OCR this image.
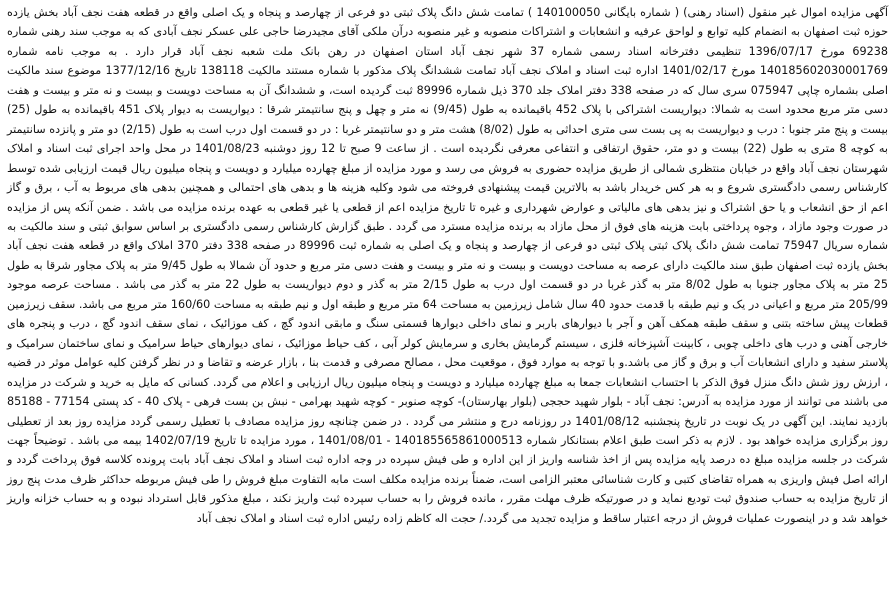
آگهی مزایده اموال غیر منقول (اسناد رهنی) ( شماره بایگانی 140100050 ) تمامت شش دانگ پلاک ثبتی دو فرعی از چهارصد و پنجاه و یک اصلی واقع در قطعه هفت نجف آباد بخش یازده حوزه ثبت اصفهان به انضمام کلیه توابع و لواحق عرفیه و انشعابات و اشتراکات منصوبه و غیر منصوبه درآن ملکی آقای مجیدرضا حاجی علی عسکر نجف آبادی که به موجب سند رهنی شماره 69238 مورخ 1396/07/17 تنظیمی دفترخانه اسناد رسمی شماره 37 شهر نجف آباد استان اصفهان در رهن بانک ملت شعبه نجف آباد قرار دارد . به موجب نامه شماره 140185602030001769 مورخ 1401/02/17 اداره ثبت اسناد و املاک نجف آباد تمامت ششدانگ پلاک مذکور با شماره مستند مالکیت 138118 تاریخ 1377/12/16 موضوع سند مالکیت اصلی بشماره چاپی 075947 سری سال که در صفحه 338 دفتر املاک جلد 370 ذیل شماره 89996 ثبت گردیده است، و ششدانگ آن به مساحت دویست و بیست و نه متر و بیست و هفت دسی متر مربع محدود است به شمالا: دیواریست اشتراکی با پلاک 452 باقیمانده به طول (9/45) نه متر و چهل و پنج سانتیمتر شرقا : دیواریست به دیوار پلاک 451 باقیمانده به طول (25) بیست و پنج متر جنوبا : درب و دیواریست به پی بست سی متری احداثی به طول (8/02) هشت متر و دو سانتیمتر غربا : در دو قسمت اول درب است به طول (2/15) دو متر و پانزده سانتیمتر به کوچه 8 متری به طول (22) بیست و دو متر، حقوق ارتفاقی و انتفاعی معرفی نگردیده است . از ساعت 9 صبح تا 12 روز دوشنبه 1401/08/23 در محل واحد اجرای ثبت اسناد و املاک شهرستان نجف آباد واقع در خیابان منتظری شمالی از طریق مزایده حضوری به فروش می رسد و مورد مزایده از مبلغ چهارده میلیارد و دویست و پنجاه میلیون ریال قیمت ارزیابی شده توسط کارشناس رسمی دادگستری شروع و به هر کس خریدار باشد به بالاترین قیمت پیشنهادی فروخته می شود وکلیه هزینه ها و بدهی های احتمالی و همچنین بدهی های مربوط به آب ، برق و گاز اعم از حق انشعاب و یا حق اشتراک و نیز بدهی های مالیاتی و عوارض شهرداری و غیره تا تاریخ مزایده اعم از قطعی یا غیر قطعی به عهده برنده مزایده می باشد . ضمن آنکه پس از مزایده در صورت وجود مازاد ، وجوه پرداختی بابت هزینه های فوق از محل مازاد به برنده مزایده مسترد می گردد . طبق گزارش کارشناس رسمی دادگستری بر اساس سوابق ثبتی و سند مالکیت به شماره سریال 75947 تمامت شش دانگ پلاک ثبتی پلاک ثبتی دو فرعی از چهارصد و پنجاه و یک اصلی به شماره ثبت 89996 در صفحه 338 دفتر 370 املاک واقع در قطعه هفت نجف آباد بخش یازده ثبت اصفهان طبق سند مالکیت دارای عرصه به مساحت دویست و بیست و نه متر و بیست و هفت دسی متر مربع و حدود آن شمالا به طول 9/45 متر به پلاک مجاور شرقا به طول 25 متر به پلاک مجاور جنوبا به طول 8/02 متر به گذر غربا در دو قسمت اول درب به طول 2/15 متر به گذر و دوم دیواریست به طول 22 متر به گذر می باشد . مساحت عرصه موجود 205/99 متر مربع و اعیانی در یک و نیم طبقه با قدمت حدود 40 سال شامل زیرزمین به مساحت 64 متر مربع و طبقه اول و نیم طبقه به مساحت 160/60 متر مربع می باشد. سقف زیرزمین قطعات پیش ساخته بتنی و سقف طبقه همکف آهن و آجر با دیوارهای باربر و نمای داخلی دیوارها قسمتی سنگ و مابقی اندود گچ ، کف موزائیک ، نمای سقف اندود گچ ، درب و پنجره های خارجی آهنی و درب های داخلی چوبی ، کابینت آشپزخانه فلزی ، سیستم گرمایش بخاری و سرمایش کولر آبی ، کف حیاط موزائیک ، نمای دیوارهای حیاط سرامیک و نمای ساختمان سرامیک و پلاستر سفید و دارای انشعابات آب و برق و گاز می باشد.و با توجه به موارد فوق ، موقعیت محل ، مصالح مصرفی و قدمت بنا ، بازار عرضه و تقاضا و در نظر گرفتن کلیه عوامل موثر در قضیه ، ارزش روز شش دانگ منزل فوق الذکر با احتساب انشعابات جمعا به مبلغ چهارده میلیارد و دویست و پنجاه میلیون ریال ارزیابی و اعلام می گردد. کسانی که مایل به خرید و شرکت در مزایده می باشند می توانند از مورد مزایده به آدرس: نجف آباد - بلوار شهید حججی (بلوار بهارستان)- کوچه صنوبر - کوچه شهید بهرامی - نبش بن بست فرهی - پلاک 40 - کد پستی 77154 - 85188 بازدید نمایند. این آگهی در یک نوبت در تاریخ پنجشنبه 1401/08/12 در روزنامه درج و منتشر می گردد . در ضمن چنانچه روز مزایده مصادف با تعطیل رسمی گردد مزایده روز بعد از تعطیلی روز برگزاری مزایده خواهد بود . لازم به ذکر است طبق اعلام بستانکار شماره 140185565861000513 - 1401/08/01 ، مورد مزایده تا تاریخ 1402/07/19 بیمه می باشد . توضیحاً جهت شرکت در جلسه مزایده مبلغ ده درصد پایه مزایده پس از اخذ شناسه واریز از این اداره و طی فیش سپرده در وجه اداره ثبت اسناد و املاک نجف آباد بابت پرونده کلاسه فوق پرداخت گردد و ارائه اصل فیش واریزی به همراه تقاضای کتبی و کارت شناسائی معتبر الزامی است، ضمناً برنده مزایده مکلف است مابه التفاوت مبلغ فروش را طی فیش مربوطه حداکثر ظرف مدت پنج روز از تاریخ مزایده به حساب صندوق ثبت تودیع نماید و در صورتیکه ظرف مهلت مقرر ، مانده فروش را به حساب سپرده ثبت واریز نکند ، مبلغ مذکور قابل استرداد نبوده و به حساب خزانه واریز خواهد شد و در اینصورت عملیات فروش از درجه اعتبار ساقط و مزایده تجدید می گردد./ حجت اله کاظم زاده رئیس اداره ثبت اسناد و املاک نجف آباد
